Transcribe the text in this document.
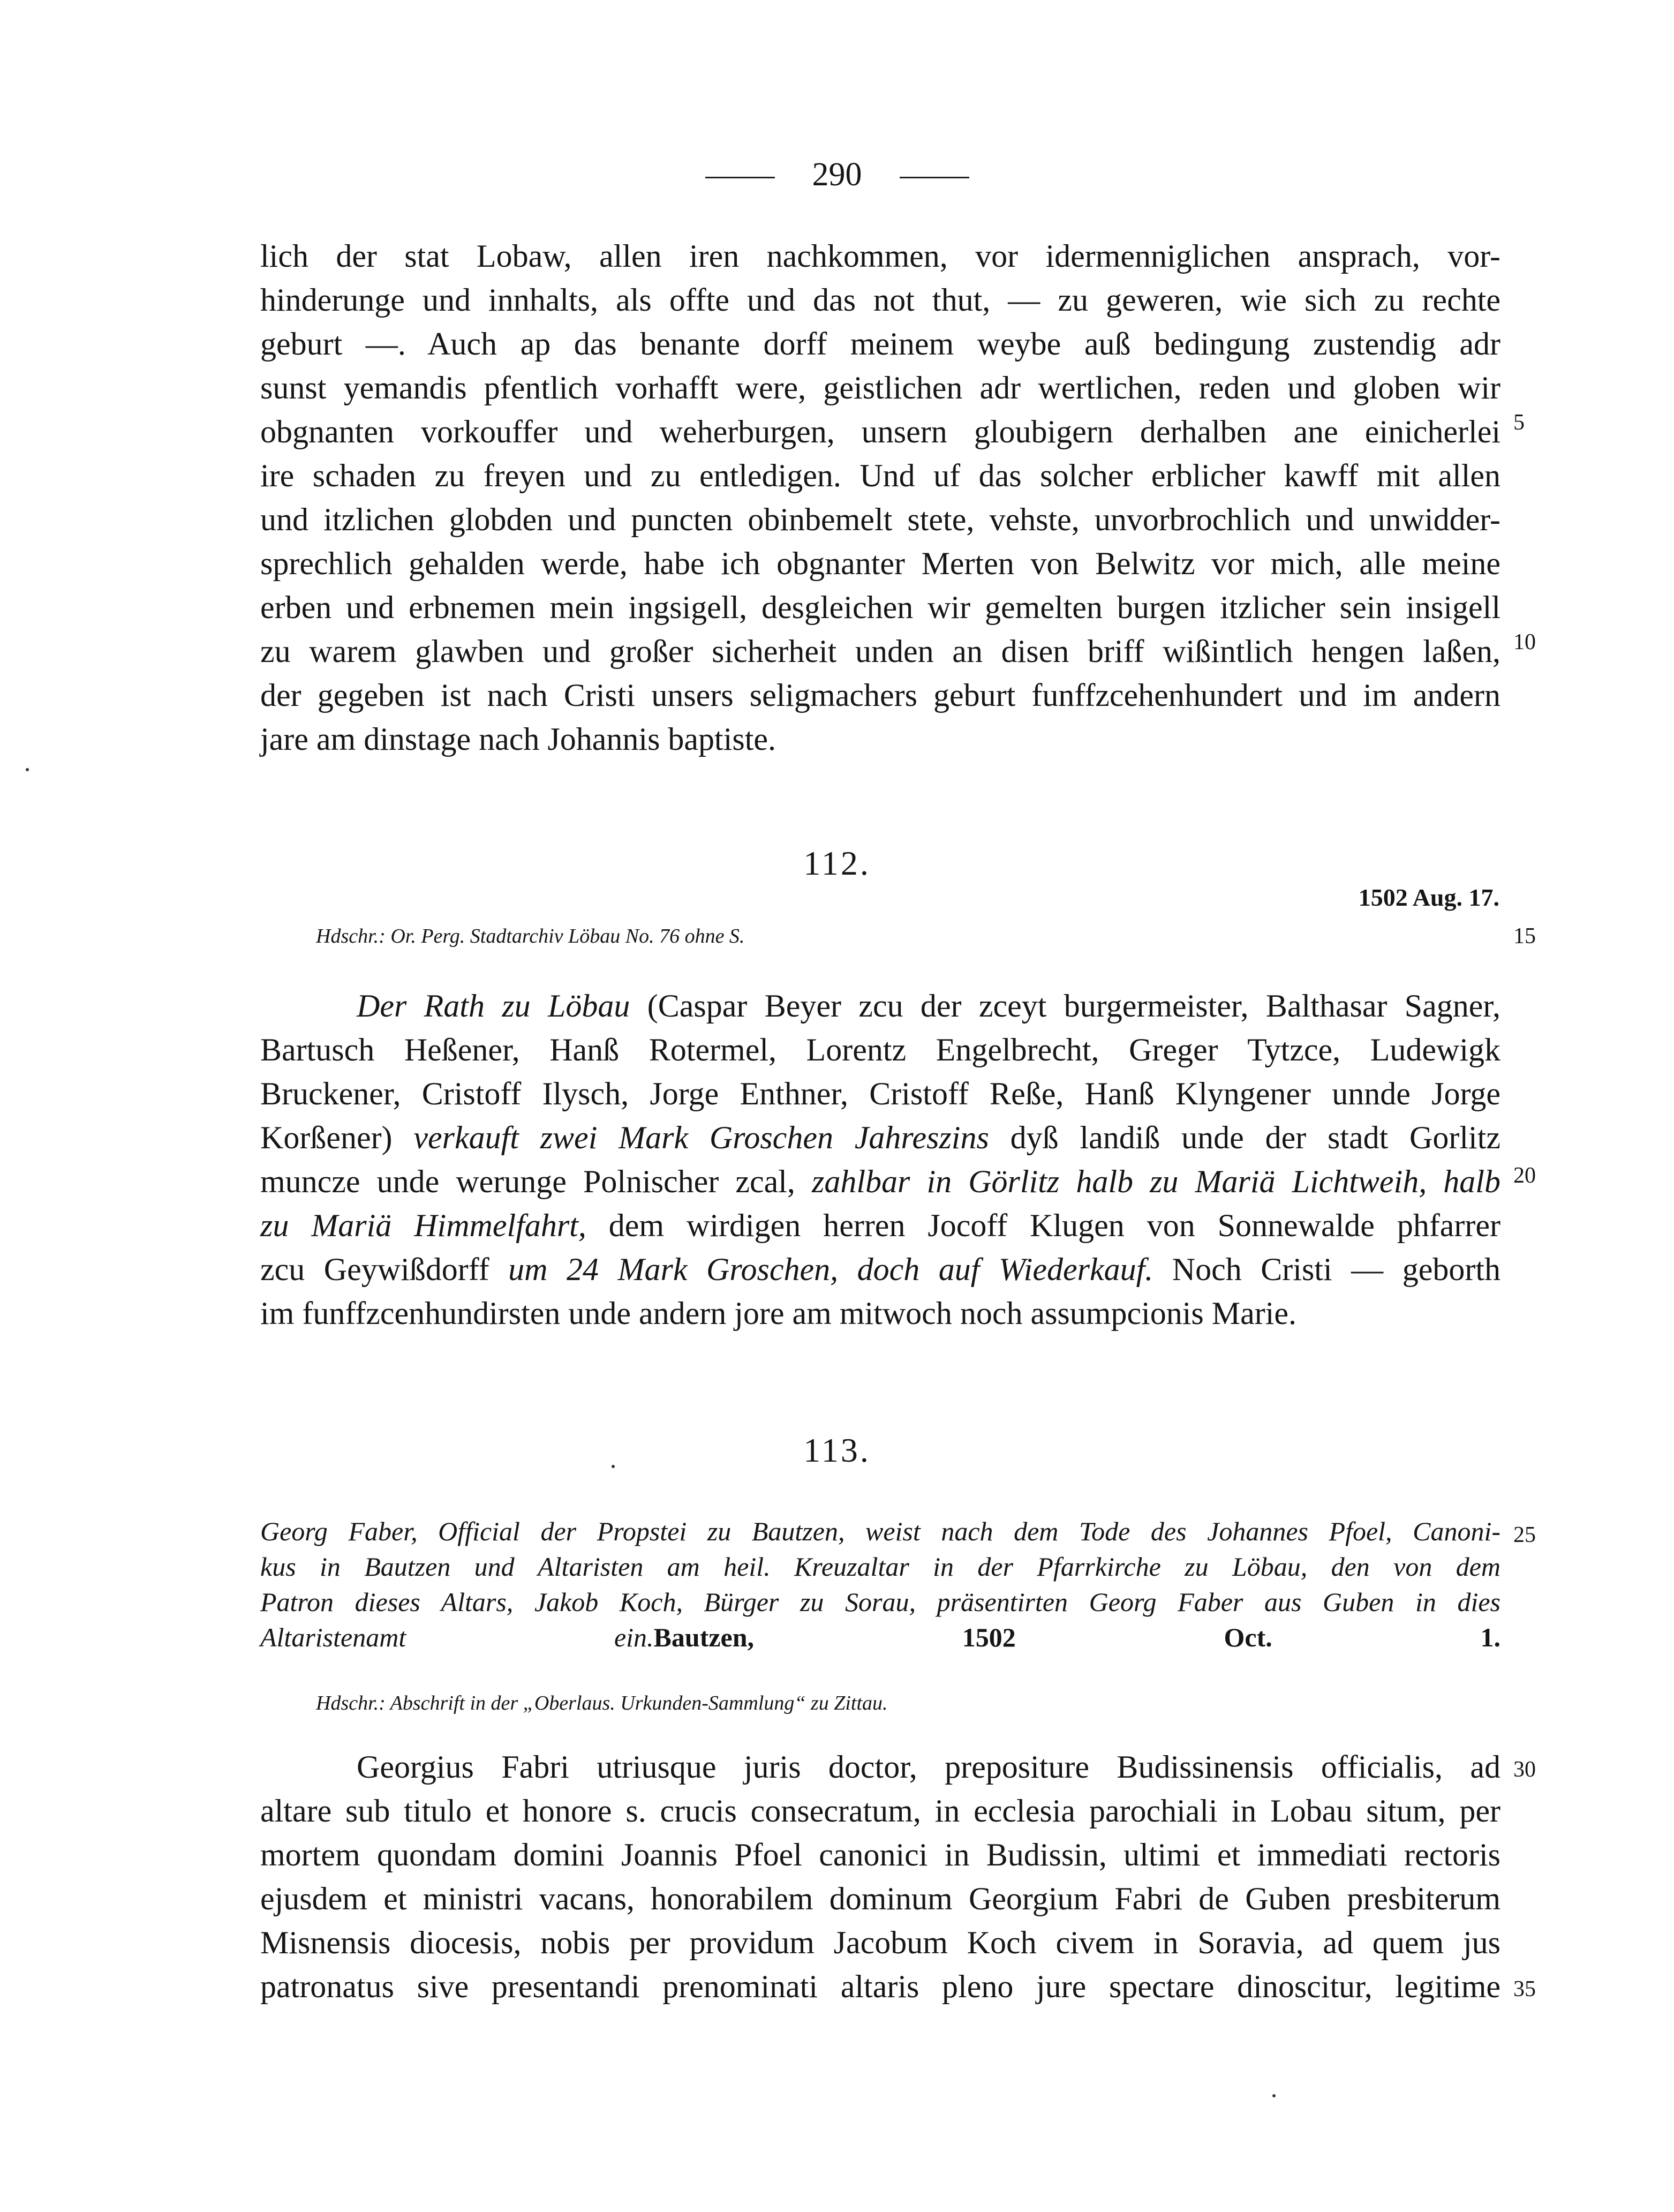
290
lich der stat Lobaw, allen iren nachkommen, vor idermenniglichen ansprach, vor-
hinderunge und innhalts, als offte und das not thut, — zu geweren, wie sich zu rechte
geburt —. Auch ap das benante dorff meinem weybe auß bedingung zustendig adr
sunst yemandis pfentlich vorhafft were, geistlichen adr wertlichen, reden und globen wir
obgnanten vorkouffer und weherburgen, unsern gloubigern derhalben ane einicherlei
ire schaden zu freyen und zu entledigen. Und uf das solcher erblicher kawff mit allen
und itzlichen globden und puncten obinbemelt stete, vehste, unvorbrochlich und unwidder-
sprechlich gehalden werde, habe ich obgnanter Merten von Belwitz vor mich, alle meine
erben und erbnemen mein ingsigell, desgleichen wir gemelten burgen itzlicher sein insigell
zu warem glawben und großer sicherheit unden an disen briff wißintlich hengen laßen,
der gegeben ist nach Cristi unsers seligmachers geburt funffzcehenhundert und im andern
jare am dinstage nach Johannis baptiste.
112.
1502 Aug. 17.
Hdschr.: Or. Perg. Stadtarchiv Löbau No. 76 ohne S.
Der Rath zu Löbau (Caspar Beyer zcu der zceyt burgermeister, Balthasar Sagner,
Bartusch Heßener, Hanß Rotermel, Lorentz Engelbrecht, Greger Tytzce, Ludewigk
Bruckener, Cristoff Ilysch, Jorge Enthner, Cristoff Reße, Hanß Klyngener unnde Jorge
Korßener) verkauft zwei Mark Groschen Jahreszins dyß landiß unde der stadt Gorlitz
muncze unde werunge Polnischer zcal, zahlbar in Görlitz halb zu Mariä Lichtweih, halb
zu Mariä Himmelfahrt, dem wirdigen herren Jocoff Klugen von Sonnewalde phfarrer
zcu Geywißdorff um 24 Mark Groschen, doch auf Wiederkauf. Noch Cristi — geborth
im funffzcenhundirsten unde andern jore am mitwoch noch assumpcionis Marie.
113.
Georg Faber, Official der Propstei zu Bautzen, weist nach dem Tode des Johannes Pfoel, Canoni-
kus in Bautzen und Altaristen am heil. Kreuzaltar in der Pfarrkirche zu Löbau, den von dem
Patron dieses Altars, Jakob Koch, Bürger zu Sorau, präsentirten Georg Faber aus Guben in dies
Altaristenamt ein.Bautzen, 1502 Oct. 1.
Hdschr.: Abschrift in der „Oberlaus. Urkunden-Sammlung“ zu Zittau.
Georgius Fabri utriusque juris doctor, prepositure Budissinensis officialis, ad
altare sub titulo et honore s. crucis consecratum, in ecclesia parochiali in Lobau situm, per
mortem quondam domini Joannis Pfoel canonici in Budissin, ultimi et immediati rectoris
ejusdem et ministri vacans, honorabilem dominum Georgium Fabri de Guben presbiterum
Misnensis diocesis, nobis per providum Jacobum Koch civem in Soravia, ad quem jus
patronatus sive presentandi prenominati altaris pleno jure spectare dinoscitur, legitime
5
10
15
20
25
30
35
